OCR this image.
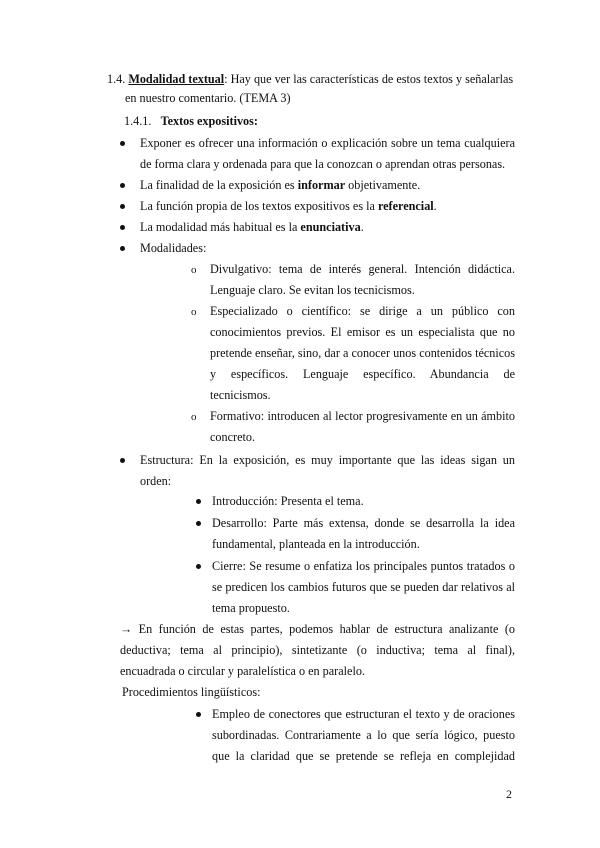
1.4. Modalidad textual: Hay que ver las características de estos textos y señalarlas
en nuestro comentario. (TEMA 3)
1.4.1. Textos expositivos:
Exponer es ofrecer una información o explicación sobre un tema cualquiera
de forma clara y ordenada para que la conozcan o aprendan otras personas.
La finalidad de la exposición es informar objetivamente.
La función propia de los textos expositivos es la referencial.
La modalidad más habitual es la enunciativa.
Modalidades:
o Divulgativo: tema de interés general. Intención didáctica.
Lenguaje claro. Se evitan los tecnicismos.
o Especializado o científico: se dirige a un público con
conocimientos previos. El emisor es un especialista que no
pretende enseñar, sino, dar a conocer unos contenidos técnicos
y específicos. Lenguaje específico. Abundancia de
tecnicismos.
o Formativo: introducen al lector progresivamente en un ámbito
concreto.
Estructura: En la exposición, es muy importante que las ideas sigan un
orden:
Introducción: Presenta el tema.
Desarrollo: Parte más extensa, donde se desarrolla la idea
fundamental, planteada en la introducción.
Cierre: Se resume o enfatiza los principales puntos tratados o
se predicen los cambios futuros que se pueden dar relativos al
tema propuesto.
→ En función de estas partes, podemos hablar de estructura analizante (o
deductiva; tema al principio), sintetizante (o inductiva; tema al final),
encuadrada o circular y paralelística o en paralelo.
Procedimientos lingüísticos:
Empleo de conectores que estructuran el texto y de oraciones
subordinadas. Contrariamente a lo que sería lógico, puesto
que la claridad que se pretende se refleja en complejidad
2
